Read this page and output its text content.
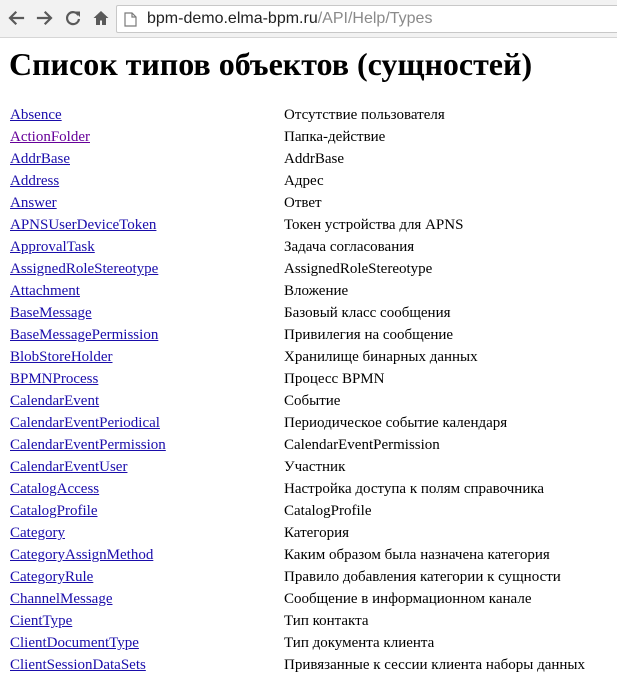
bpm-demo.elma-bpm.ru/API/Help/Types
Список типов объектов (сущностей)
Absence	Отсутствие пользователя
ActionFolder	Папка-действие
AddrBase	AddrBase
Address	Адрес
Answer	Ответ
APNSUserDeviceToken	Токен устройства для APNS
ApprovalTask	Задача согласования
AssignedRoleStereotype	AssignedRoleStereotype
Attachment	Вложение
BaseMessage	Базовый класс сообщения
BaseMessagePermission	Привилегия на сообщение
BlobStoreHolder	Хранилище бинарных данных
BPMNProcess	Процесс BPMN
CalendarEvent	Событие
CalendarEventPeriodical	Периодическое событие календаря
CalendarEventPermission	CalendarEventPermission
CalendarEventUser	Участник
CatalogAccess	Настройка доступа к полям справочника
CatalogProfile	CatalogProfile
Category	Категория
CategoryAssignMethod	Каким образом была назначена категория
CategoryRule	Правило добавления категории к сущности
ChannelMessage	Сообщение в информационном канале
CientType	Тип контакта
ClientDocumentType	Тип документа клиента
ClientSessionDataSets	Привязанные к сессии клиента наборы данных
